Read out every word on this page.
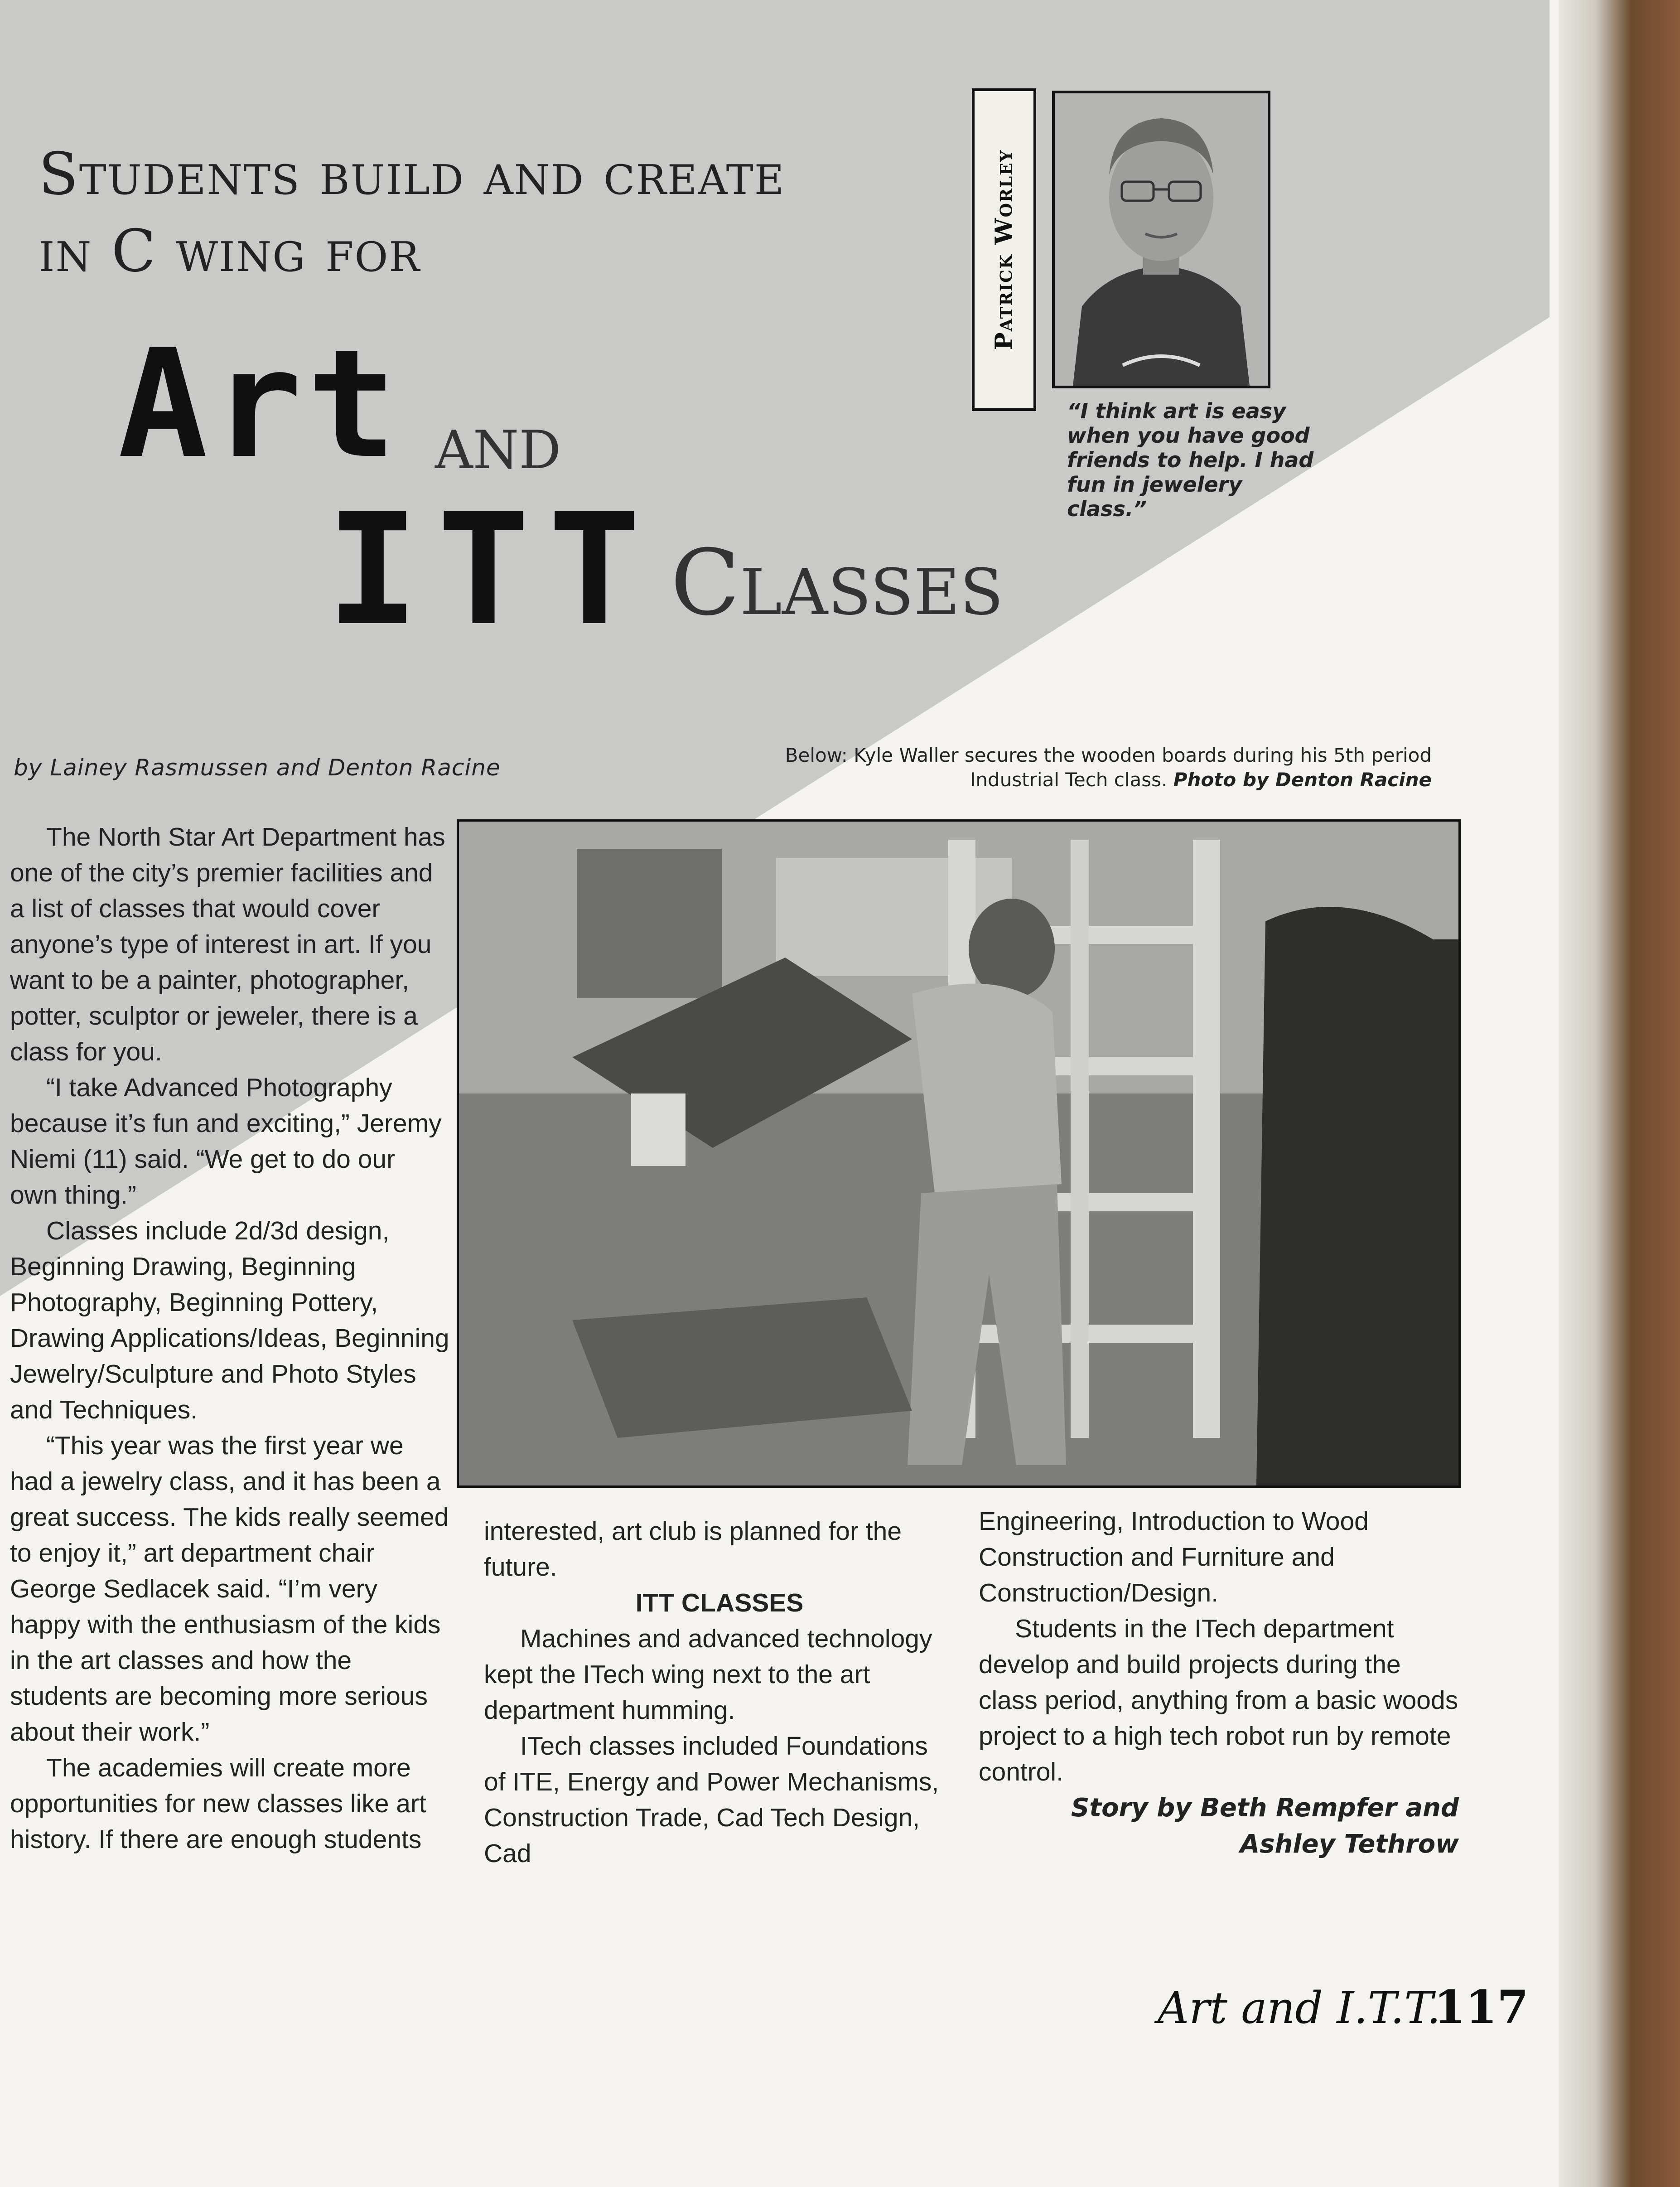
Students build and create
in C wing for
Art and
ITT Classes
Patrick Worley
“I think art is easy when you have good friends to help. I had fun in jewelery class.”
by Lainey Rasmussen and Denton Racine	Below: Kyle Waller secures the wooden boards during his 5th period Industrial Tech class. Photo by Denton Racine

The North Star Art Department has one of the city’s premier facilities and a list of classes that would cover anyone’s type of interest in art. If you want to be a painter, photographer, potter, sculptor or jeweler, there is a class for you.

“I take Advanced Photography because it’s fun and exciting,” Jeremy Niemi (11) said. “We get to do our own thing.”

Classes include 2d/3d design, Beginning Drawing, Beginning Photography, Beginning Pottery, Drawing Applications/Ideas, Beginning Jewelry/Sculpture and Photo Styles and Techniques.

“This year was the first year we had a jewelry class, and it has been a great success. The kids really seemed to enjoy it,” art department chair George Sedlacek said. “I’m very happy with the enthusiasm of the kids in the art classes and how the students are becoming more serious about their work.”

The academies will create more opportunities for new classes like art history. If there are enough students

interested, art club is planned for the future.

ITT CLASSES

Machines and advanced technology kept the ITech wing next to the art department humming.

ITech classes included Foundations of ITE, Energy and Power Mechanisms, Construction Trade, Cad Tech Design, Cad

Engineering, Introduction to Wood Construction and Furniture and Construction/Design.

Students in the ITech department develop and build projects during the class period, anything from a basic woods project to a high tech robot run by remote control.

Story by Beth Rempfer and
Ashley Tethrow
Art and I.T.T.
117
